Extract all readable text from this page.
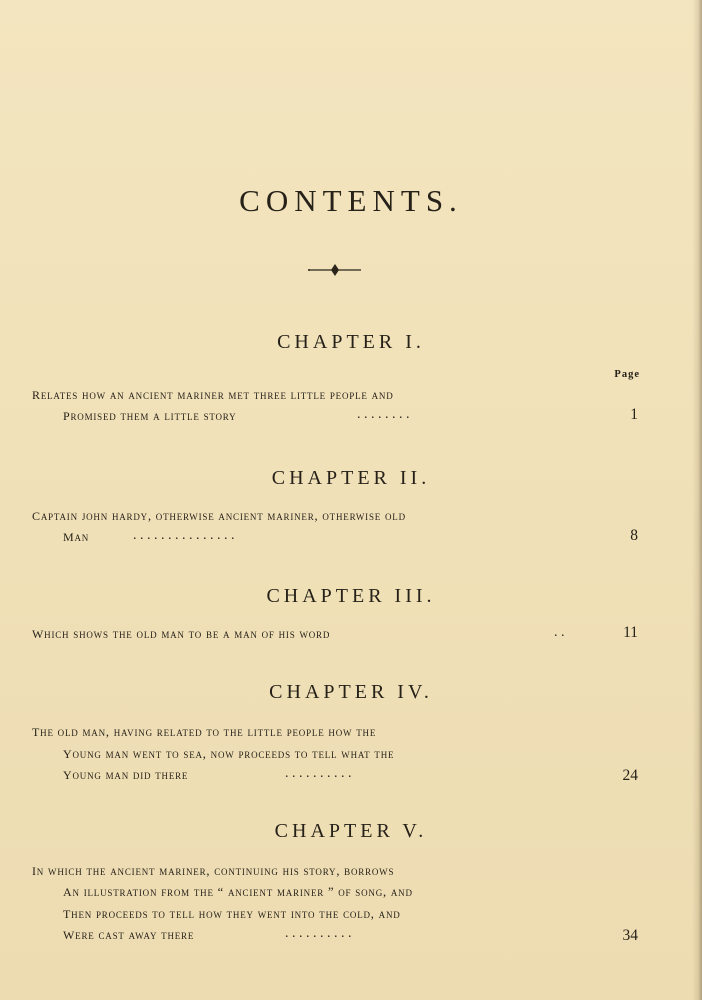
CONTENTS.
CHAPTER I.
Page
relates how an ancient mariner met three little people and
promised them a little story	. . . . . . . .	1
CHAPTER II.
captain john hardy, otherwise ancient mariner, otherwise old
man	. . . . . . . . . . . . . . .	8
CHAPTER III.
which shows the old man to be a man of his word	. .	11
CHAPTER IV.
the old man, having related to the little people how the
young man went to sea, now proceeds to tell what the
young man did there	. . . . . . . . . .	24
CHAPTER V.
in which the ancient mariner, continuing his story, borrows
an illustration from the “ ancient mariner ” of song, and
then proceeds to tell how they went into the cold, and
were cast away there	. . . . . . . . . .	34
